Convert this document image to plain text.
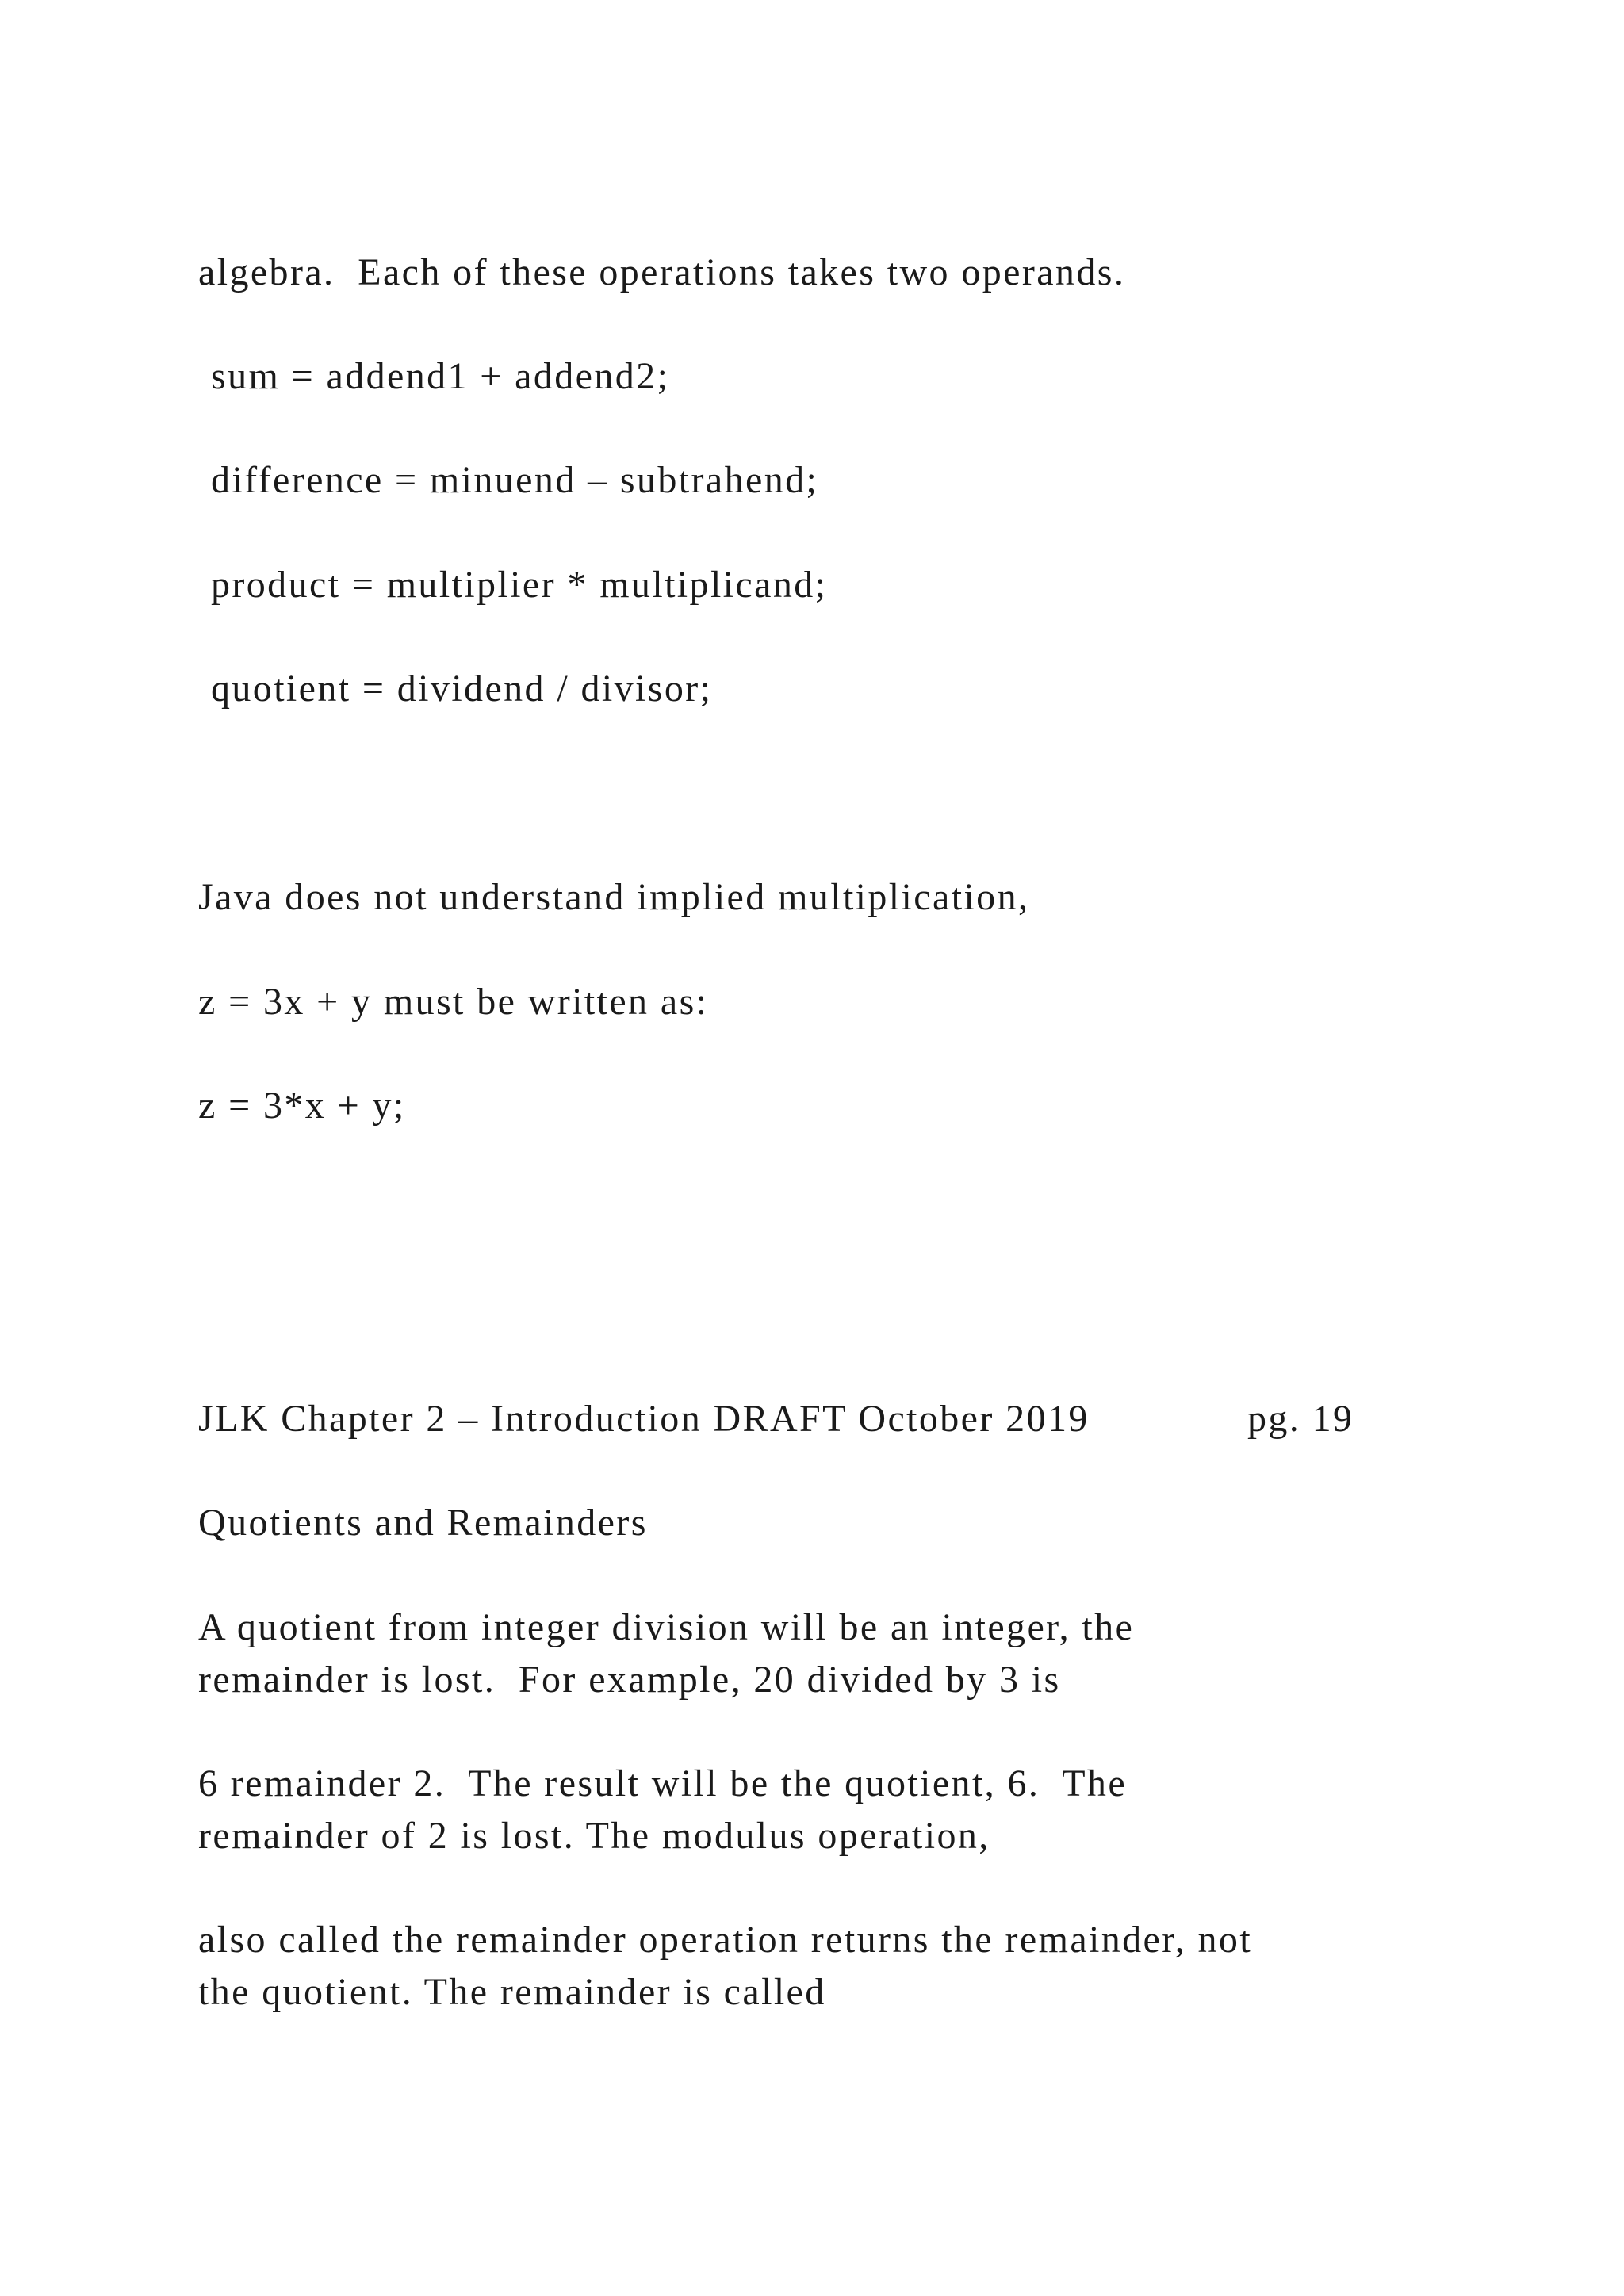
algebra.  Each of these operations takes two operands.

sum = addend1 + addend2;

difference = minuend – subtrahend;

product = multiplier * multiplicand;

quotient = dividend / divisor;

Java does not understand implied multiplication,

z = 3x + y must be written as:

z = 3*x + y;

JLK Chapter 2 – Introduction DRAFT October 2019	pg. 19

Quotients and Remainders

A quotient from integer division will be an integer, the

remainder is lost.  For example, 20 divided by 3 is

6 remainder 2.  The result will be the quotient, 6.  The

remainder of 2 is lost. The modulus operation,

also called the remainder operation returns the remainder, not

the quotient. The remainder is called
